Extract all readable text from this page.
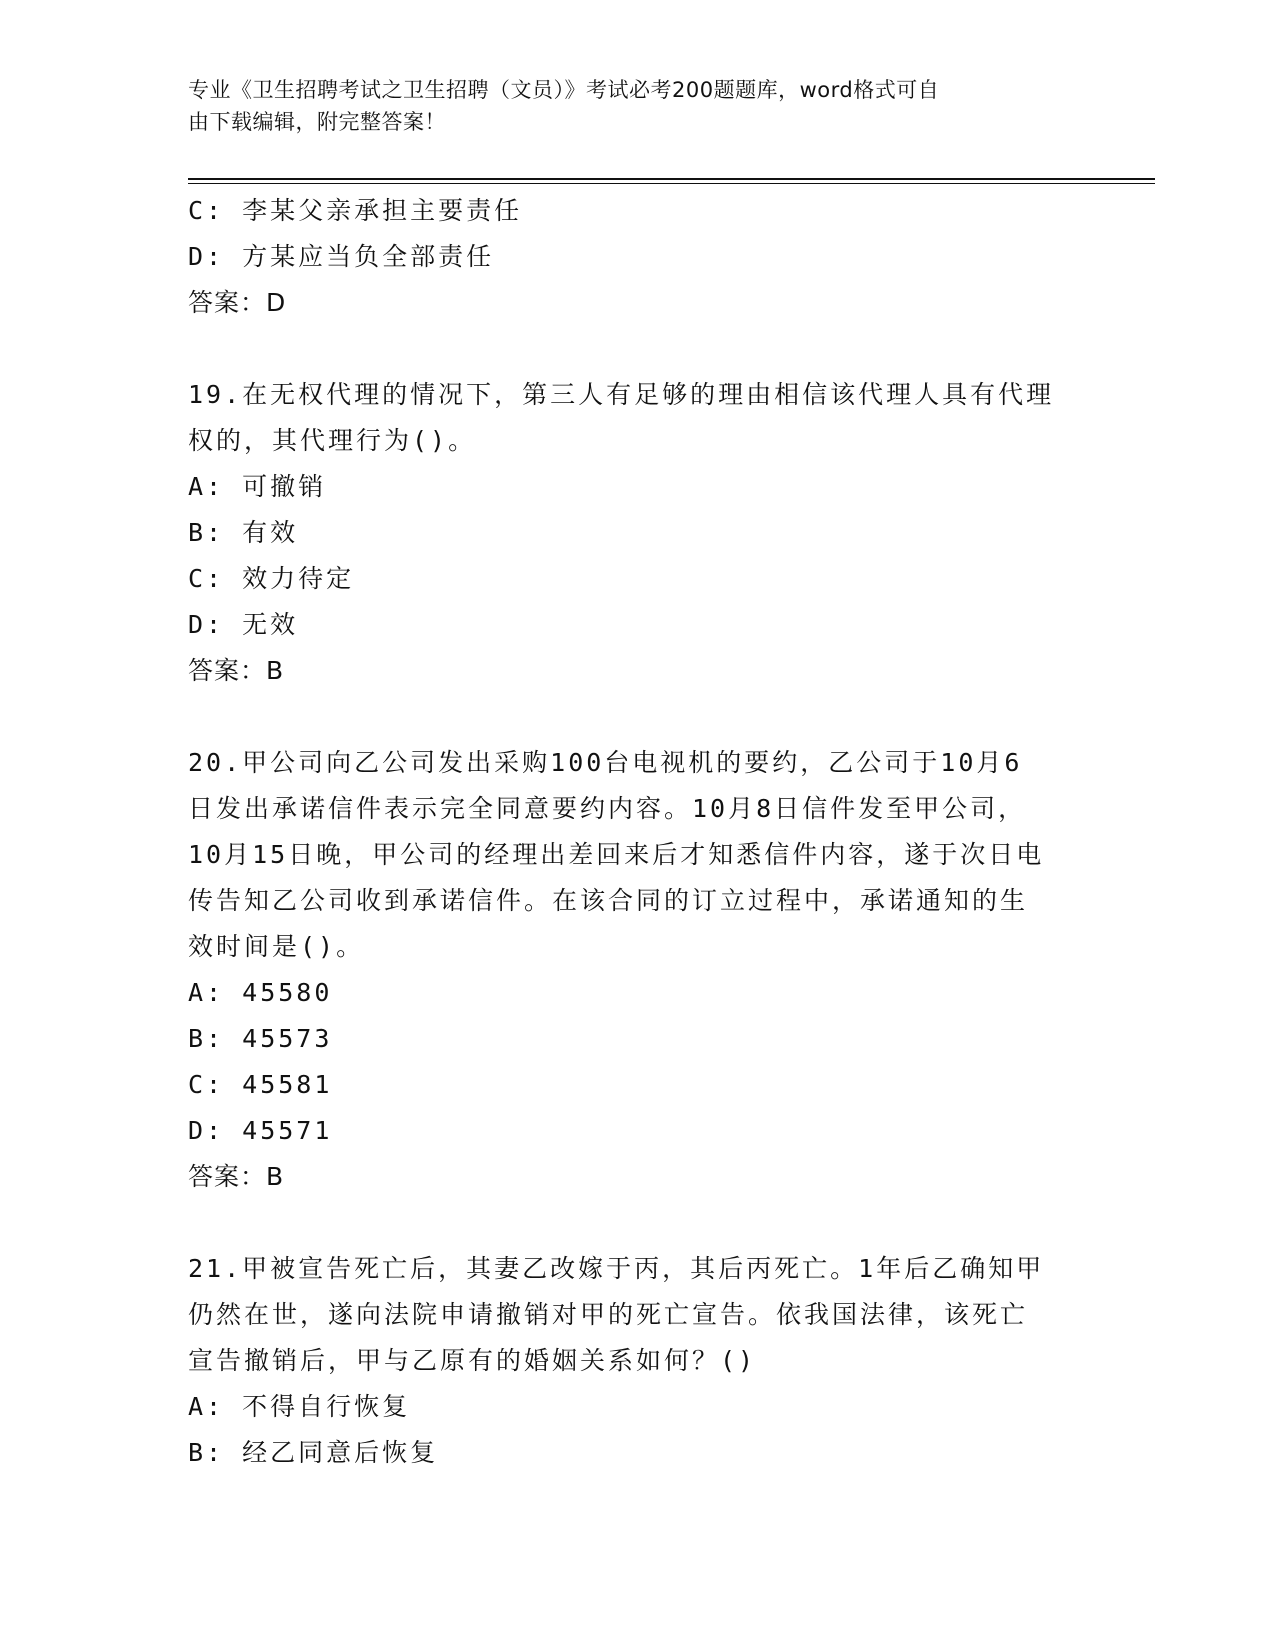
专业《卫生招聘考试之卫生招聘（文员）》考试必考200题题库，word格式可自
由下载编辑，附完整答案！
C: 李某父亲承担主要责任
D: 方某应当负全部责任
答案：D
19.在无权代理的情况下，第三人有足够的理由相信该代理人具有代理
权的，其代理行为()。
A: 可撤销
B: 有效
C: 效力待定
D: 无效
答案：B
20.甲公司向乙公司发出采购100台电视机的要约，乙公司于10月6
日发出承诺信件表示完全同意要约内容。10月8日信件发至甲公司，
10月15日晚，甲公司的经理出差回来后才知悉信件内容，遂于次日电
传告知乙公司收到承诺信件。在该合同的订立过程中，承诺通知的生
效时间是()。
A: 45580
B: 45573
C: 45581
D: 45571
答案：B
21.甲被宣告死亡后，其妻乙改嫁于丙，其后丙死亡。1年后乙确知甲
仍然在世，遂向法院申请撤销对甲的死亡宣告。依我国法律，该死亡
宣告撤销后，甲与乙原有的婚姻关系如何？()
A: 不得自行恢复
B: 经乙同意后恢复
